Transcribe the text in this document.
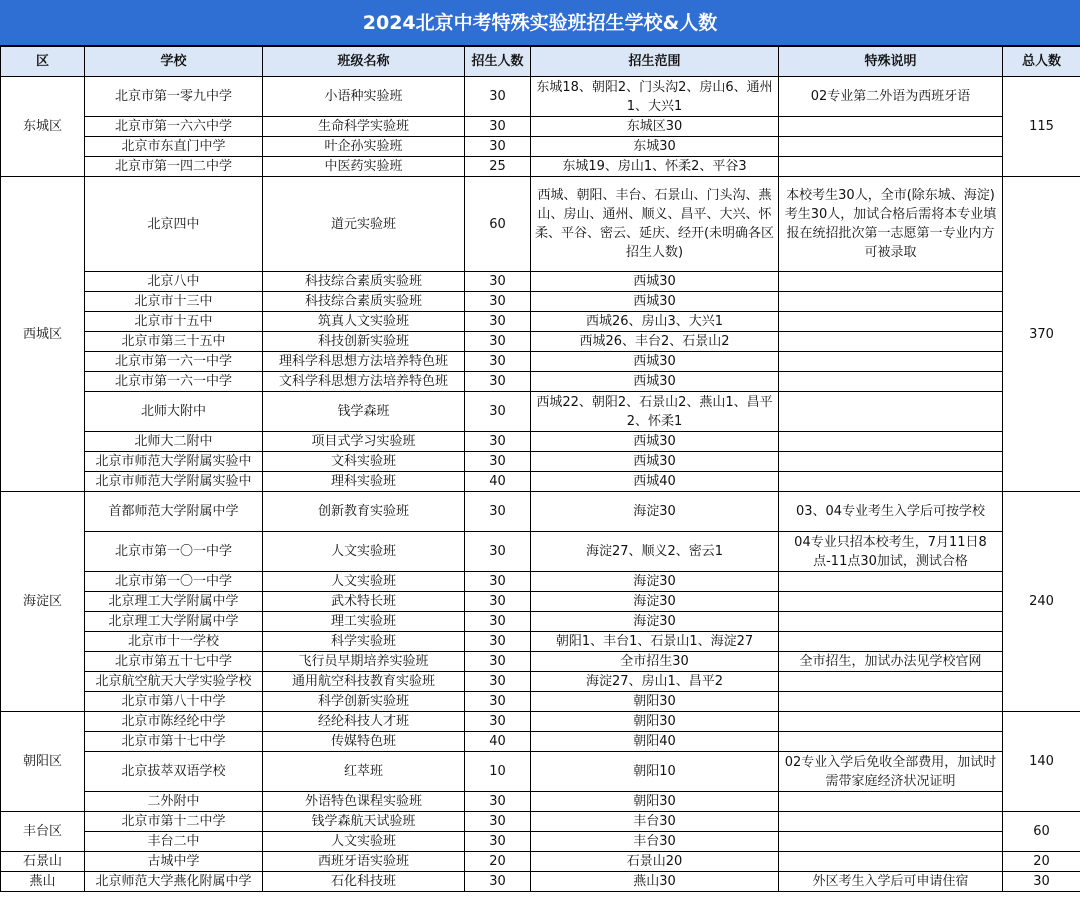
2024北京中考特殊实验班招生学校&人数
区	学校	班级名称	招生人数	招生范围	特殊说明	总人数
东城区	北京市第一零九中学	小语种实验班	30	东城18、朝阳2、门头沟2、房山6、通州1、大兴1	02专业第二外语为西班牙语	115
	北京市第一六六中学	生命科学实验班	30	东城区30		
	北京市东直门中学	叶企孙实验班	30	东城30		
	北京市第一四二中学	中医药实验班	25	东城19、房山1、怀柔2、平谷3		
西城区	北京四中	道元实验班	60	西城、朝阳、丰台、石景山、门头沟、燕山、房山、通州、顺义、昌平、大兴、怀柔、平谷、密云、延庆、经开(未明确各区招生人数)	本校考生30人，全市(除东城、海淀)考生30人，加试合格后需将本专业填报在统招批次第一志愿第一专业内方可被录取	370
	北京八中	科技综合素质实验班	30	西城30		
	北京市十三中	科技综合素质实验班	30	西城30		
	北京市十五中	筑真人文实验班	30	西城26、房山3、大兴1		
	北京市第三十五中	科技创新实验班	30	西城26、丰台2、石景山2		
	北京市第一六一中学	理科学科思想方法培养特色班	30	西城30		
	北京市第一六一中学	文科学科思想方法培养特色班	30	西城30		
	北师大附中	钱学森班	30	西城22、朝阳2、石景山2、燕山1、昌平2、怀柔1		
	北师大二附中	项目式学习实验班	30	西城30		
	北京市师范大学附属实验中	文科实验班	30	西城30		
	北京市师范大学附属实验中	理科实验班	40	西城40		
海淀区	首都师范大学附属中学	创新教育实验班	30	海淀30	03、04专业考生入学后可按学校	240
	北京市第一〇一中学	人文实验班	30	海淀27、顺义2、密云1	04专业只招本校考生，7月11日8点-11点30加试，测试合格	
	北京市第一〇一中学	人文实验班	30	海淀30		
	北京理工大学附属中学	武术特长班	30	海淀30		
	北京理工大学附属中学	理工实验班	30	海淀30		
	北京市十一学校	科学实验班	30	朝阳1、丰台1、石景山1、海淀27		
	北京市第五十七中学	飞行员早期培养实验班	30	全市招生30	全市招生，加试办法见学校官网	
	北京航空航天大学实验学校	通用航空科技教育实验班	30	海淀27、房山1、昌平2		
	北京市第八十中学	科学创新实验班	30	朝阳30		
朝阳区	北京市陈经纶中学	经纶科技人才班	30	朝阳30		140
	北京市第十七中学	传媒特色班	40	朝阳40		
	北京拔萃双语学校	红萃班	10	朝阳10	02专业入学后免收全部费用，加试时需带家庭经济状况证明	
	二外附中	外语特色课程实验班	30	朝阳30		
丰台区	北京市第十二中学	钱学森航天试验班	30	丰台30		60
	丰台二中	人文实验班	30	丰台30		
石景山	古城中学	西班牙语实验班	20	石景山20		20
燕山	北京师范大学燕化附属中学	石化科技班	30	燕山30	外区考生入学后可申请住宿	30
